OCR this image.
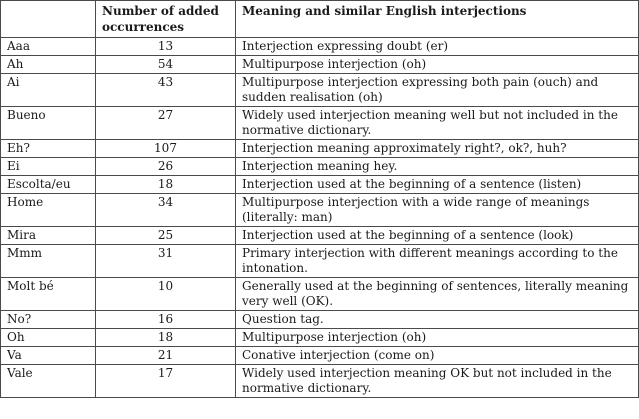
	Number of added occurrences	Meaning and similar English interjections
Aaa	13	Interjection expressing doubt (er)
Ah	54	Multipurpose interjection (oh)
Ai	43	Multipurpose interjection expressing both pain (ouch) and sudden realisation (oh)
Bueno	27	Widely used interjection meaning well but not included in the normative dictionary.
Eh?	107	Interjection meaning approximately right?, ok?, huh?
Ei	26	Interjection meaning hey.
Escolta/eu	18	Interjection used at the beginning of a sentence (listen)
Home	34	Multipurpose interjection with a wide range of meanings (literally: man)
Mira	25	Interjection used at the beginning of a sentence (look)
Mmm	31	Primary interjection with different meanings according to the intonation.
Molt bé	10	Generally used at the beginning of sentences, literally meaning very well (OK).
No?	16	Question tag.
Oh	18	Multipurpose interjection (oh)
Va	21	Conative interjection (come on)
Vale	17	Widely used interjection meaning OK but not included in the normative dictionary.
